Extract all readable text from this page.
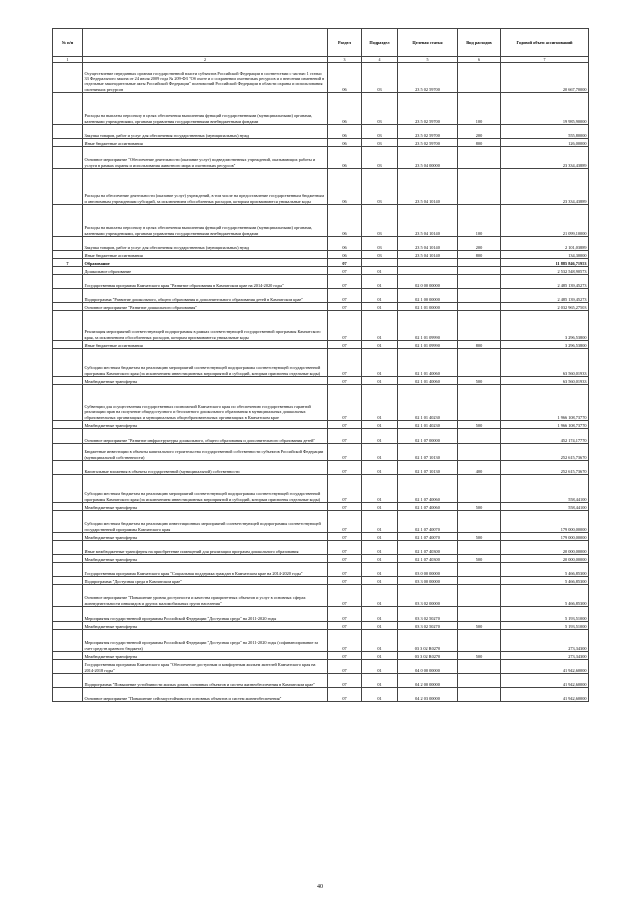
№ п/п		Раздел	Подраздел	Целевая статья	Вид расходов	Годовой объем ассигнований
1	2	3	4	5	6	7
	Осуществление переданных органам государственной власти субъектов Российской Федерации в соответствии с частью 1 статьи 33 Федерального закона от 24 июля 2009 года № 209-ФЗ "Об охоте и о сохранении охотничьих ресурсов и о внесении изменений в отдельные законодательные акты Российской Федерации" полномочий Российской Федерации в области охраны и использования охотничьих ресурсов	06	03	23 5 02 59700		20 667,70000
	Расходы на выплаты персоналу в целях обеспечения выполнения функций государственными (муниципальными) органами, казенными учреждениями, органами управления государственными внебюджетными фондами	06	03	23 5 02 59700	100	19 985,90000
	Закупка товаров, работ и услуг для обеспечения государственных (муниципальных) нужд	06	03	23 5 02 59700	200	555,80000
	Иные бюджетные ассигнования	06	03	23 5 02 59700	800	126,00000
	Основное мероприятие "Обеспечение деятельности (оказание услуг) подведомственных учреждений, оказывающих работы и услуги в рамках охраны и использования животного мира и охотничьих ресурсов"	06	03	23 5 04 00000		23 334,43889
	Расходы на обеспечение деятельности (оказание услуг) учреждений, в том числе на предоставление государственным бюджетным и автономным учреждениям субсидий, за исключением обособленных расходов, которым присваиваются уникальные коды	06	03	23 5 04 10140		23 334,43889
	Расходы на выплаты персоналу в целях обеспечения выполнения функций государственными (муниципальными) органами, казенными учреждениями, органами управления государственными внебюджетными фондами	06	03	23 5 04 10140	100	21 099,10000
	Закупка товаров, работ и услуг для обеспечения государственных (муниципальных) нужд	06	03	23 5 04 10140	200	2 101,03889
	Иные бюджетные ассигнования	06	03	23 5 04 10140	800	134,30000
7	Образование	07				11 885 846,71953
	Дошкольное образование	07	01			2 532 548,90573
	Государственная программа Камчатского края "Развитие образования в Камчатском крае на 2014-2020 годы"	07	01	02 0 00 00000		2 485 139,45273
	Подпрограмма "Развитие дошкольного, общего образования и дополнительного образования детей в Камчатском крае"	07	01	02 1 00 00000		2 485 139,45273
	Основное мероприятие "Развитие дошкольного образования"	07	01	02 1 01 00000		2 032 965,27503
	Реализация мероприятий соответствующей подпрограммы в рамках соответствующей государственной программы Камчатского края, за исключением обособленных расходов, которым присваиваются уникальные коды	07	01	02 1 01 09990		3 296,53800
	Иные бюджетные ассигнования	07	01	02 1 01 09990	800	3 296,53800
	Субсидии местным бюджетам на реализацию мероприятий соответствующей подпрограммы соответствующей государственной программы Камчатского края (за исключением инвестиционных мероприятий и субсидий, которым присвоены отдельные коды)	07	01	02 1 01 40060		63 560,01933
	Межбюджетные трансферты	07	01	02 1 01 40060	500	63 560,01933
	Субвенции для осуществления государственных полномочий Камчатского края по обеспечению государственных гарантий реализации прав на получение общедоступного и бесплатного дошкольного образования в муниципальных дошкольных образовательных организациях и муниципальных общеобразовательных организациях в Камчатском крае	07	01	02 1 01 40230		1 966 108,73770
	Межбюджетные трансферты	07	01	02 1 01 40230	500	1 966 108,73770
	Основное мероприятие "Развитие инфраструктуры дошкольного, общего образования и дополнительного образования детей"	07	01	02 1 07 00000		452 174,17770
	Бюджетные инвестиции в объекты капитального строительства государственной собственности субъектов Российской Федерации (муниципальной собственности)	07	01	02 1 07 10130		252 615,73670
	Капитальные вложения в объекты государственной (муниципальной) собственности	07	01	02 1 07 10130	400	252 615,73670
	Субсидии местным бюджетам на реализацию мероприятий соответствующей подпрограммы соответствующей государственной программы Камчатского края (за исключением инвестиционных мероприятий и субсидий, которым присвоены отдельные коды)	07	01	02 1 07 40060		558,44100
	Межбюджетные трансферты	07	01	02 1 07 40060	500	558,44100
	Субсидии местным бюджетам на реализацию инвестиционных мероприятий соответствующей подпрограммы соответствующей государственной программы Камчатского края	07	01	02 1 07 40070		179 000,00000
	Межбюджетные трансферты	07	01	02 1 07 40070	500	179 000,00000
	Иные межбюджетные трансферты на приобретение помещений для реализации программ дошкольного образования	07	01	02 1 07 40300		20 000,00000
	Межбюджетные трансферты	07	01	02 1 07 40300	500	20 000,00000
	Государственная программа Камчатского края "Социальная поддержка граждан в Камчатском крае на 2014-2020 годы"	07	01	03 0 00 00000		5 466,85300
	Подпрограмма "Доступная среда в Камчатском крае"	07	01	03 3 00 00000		5 466,85300
	Основное мероприятие "Повышение уровня доступности и качества приоритетных объектов и услуг в основных сферах жизнедеятельности инвалидов и других маломобильных групп населения"	07	01	03 3 02 00000		5 466,85300
	Мероприятия государственной программы Российской Федерации "Доступная среда" на 2011-2020 годы	07	01	03 3 02 50270		5 193,51000
	Межбюджетные трансферты	07	01	03 3 02 50270	500	5 193,51000
	Мероприятия государственной программы Российской Федерации "Доступная среда" на 2011-2020 годы (софинансирование за счет средств краевого бюджета)	07	01	03 3 02 R0270		273,34300
	Межбюджетные трансферты	07	01	03 3 02 R0270	500	273,34300
	Государственная программа Камчатского края "Обеспечение доступным и комфортным жильем жителей Камчатского края на 2014-2018 годы"	07	01	04 0 00 00000		41 942,60000
	Подпрограмма "Повышение устойчивости жилых домов, основных объектов и систем жизнеобеспечения в Камчатском крае"	07	01	04 2 00 00000		41 942,60000
	Основное мероприятие "Повышение сейсмоустойчивости основных объектов и систем жизнеобеспечения"	07	01	04 2 03 00000		41 942,60000
40
